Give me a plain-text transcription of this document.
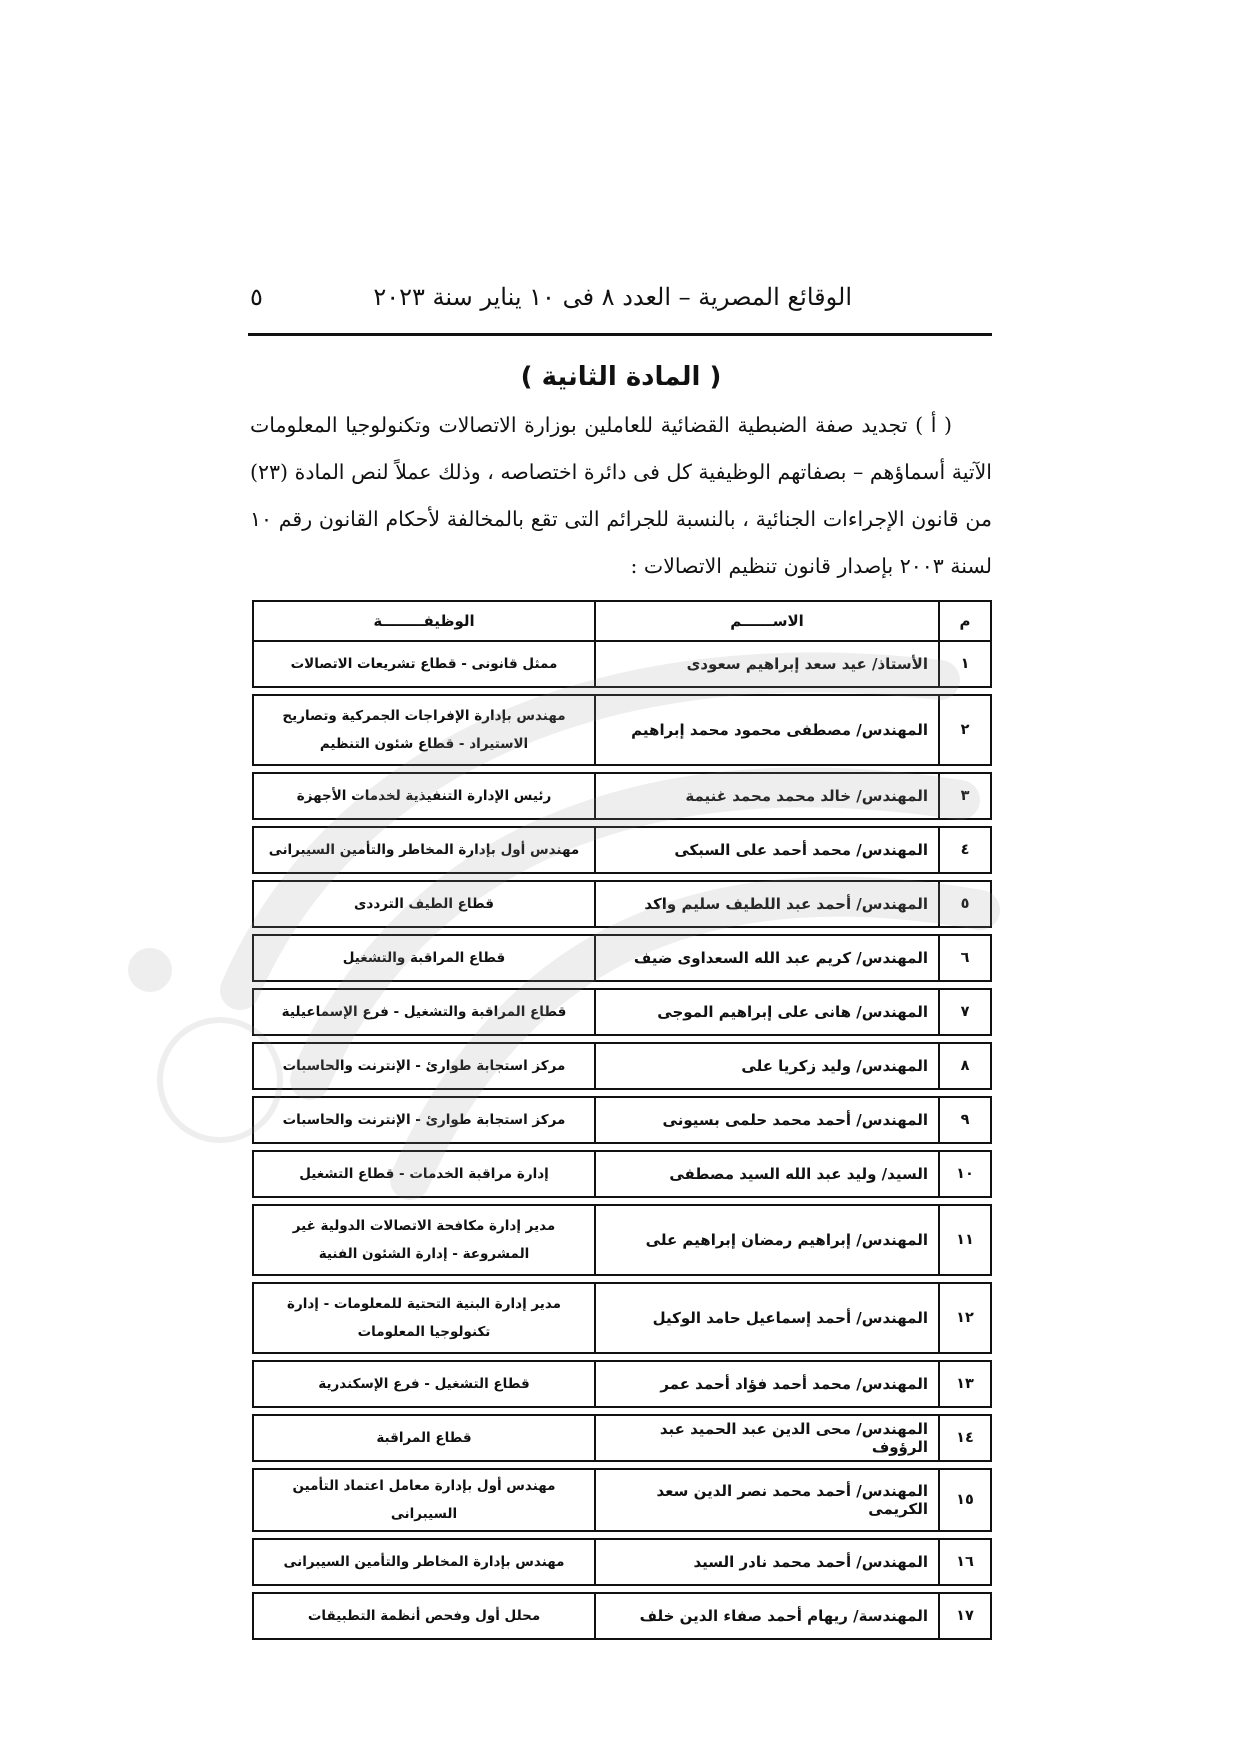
الوقائع المصرية – العدد ٨ فى ١٠ يناير سنة ٢٠٢٣
٥
( المادة الثانية )

( أ ) تجديد صفة الضبطية القضائية للعاملين بوزارة الاتصالات وتكنولوجيا المعلومات الآتية أسماؤهم – بصفاتهم الوظيفية كل فى دائرة اختصاصه ، وذلك عملاً لنص المادة (٢٣) من قانون الإجراءات الجنائية ، بالنسبة للجرائم التى تقع بالمخالفة لأحكام القانون رقم ١٠ لسنة ٢٠٠٣ بإصدار قانون تنظيم الاتصالات :

م	الاســــــم	الوظيفــــــــة
١	الأستاذ/ عيد سعد إبراهيم سعودى	ممثل قانونى - قطاع تشريعات الاتصالات

٢	المهندس/ مصطفى محمود محمد إبراهيم	مهندس بإدارة الإفراجات الجمركية وتصاريح الاستيراد - قطاع شئون التنظيم

٣	المهندس/ خالد محمد محمد غنيمة	رئيس الإدارة التنفيذية لخدمات الأجهزة

٤	المهندس/ محمد أحمد على السبكى	مهندس أول بإدارة المخاطر والتأمين السيبرانى

٥	المهندس/ أحمد عبد اللطيف سليم واكد	قطاع الطيف الترددى

٦	المهندس/ كريم عبد الله السعداوى ضيف	قطاع المراقبة والتشغيل

٧	المهندس/ هانى على إبراهيم الموجى	قطاع المراقبة والتشغيل - فرع الإسماعيلية

٨	المهندس/ وليد زكريا على	مركز استجابة طوارئ - الإنترنت والحاسبات

٩	المهندس/ أحمد محمد حلمى بسيونى	مركز استجابة طوارئ - الإنترنت والحاسبات

١٠	السيد/ وليد عبد الله السيد مصطفى	إدارة مراقبة الخدمات - قطاع التشغيل

١١	المهندس/ إبراهيم رمضان إبراهيم على	مدير إدارة مكافحة الاتصالات الدولية غير المشروعة - إدارة الشئون الفنية

١٢	المهندس/ أحمد إسماعيل حامد الوكيل	مدير إدارة البنية التحتية للمعلومات - إدارة تكنولوجيا المعلومات

١٣	المهندس/ محمد أحمد فؤاد أحمد عمر	قطاع التشغيل - فرع الإسكندرية

١٤	المهندس/ محى الدين عبد الحميد عبد الرؤوف	قطاع المراقبة

١٥	المهندس/ أحمد محمد نصر الدين سعد الكريمى	مهندس أول بإدارة معامل اعتماد التأمين السيبرانى

١٦	المهندس/ أحمد محمد نادر السيد	مهندس بإدارة المخاطر والتأمين السيبرانى

١٧	المهندسة/ ريهام أحمد صفاء الدين خلف	محلل أول وفحص أنظمة التطبيقات
